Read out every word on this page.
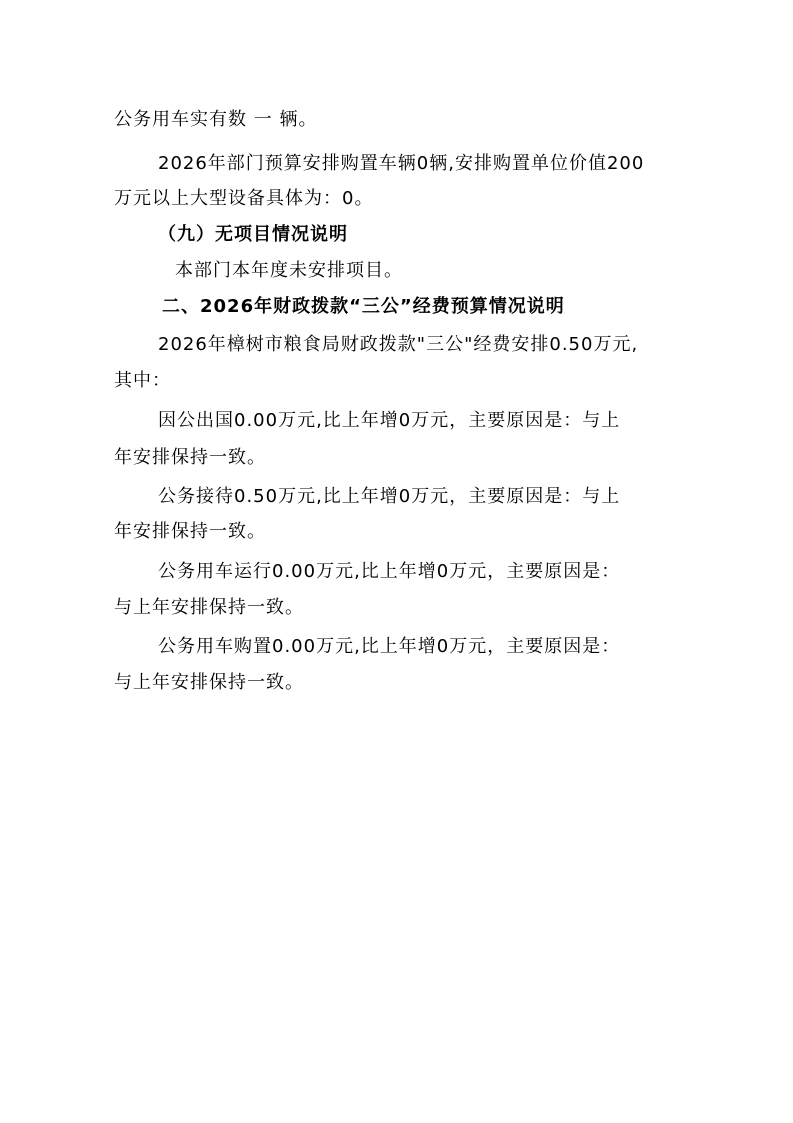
公务用车实有数 一 辆。
2026年部门预算安排购置车辆0辆,安排购置单位价值200
万元以上大型设备具体为：0。
（九）无项目情况说明
本部门本年度未安排项目。
二、2026年财政拨款“三公”经费预算情况说明
2026年樟树市粮食局财政拨款"三公"经费安排0.50万元,
其中：
因公出国0.00万元,比上年增0万元，主要原因是：与上
年安排保持一致。
公务接待0.50万元,比上年增0万元，主要原因是：与上
年安排保持一致。
公务用车运行0.00万元,比上年增0万元，主要原因是：
与上年安排保持一致。
公务用车购置0.00万元,比上年增0万元，主要原因是：
与上年安排保持一致。
